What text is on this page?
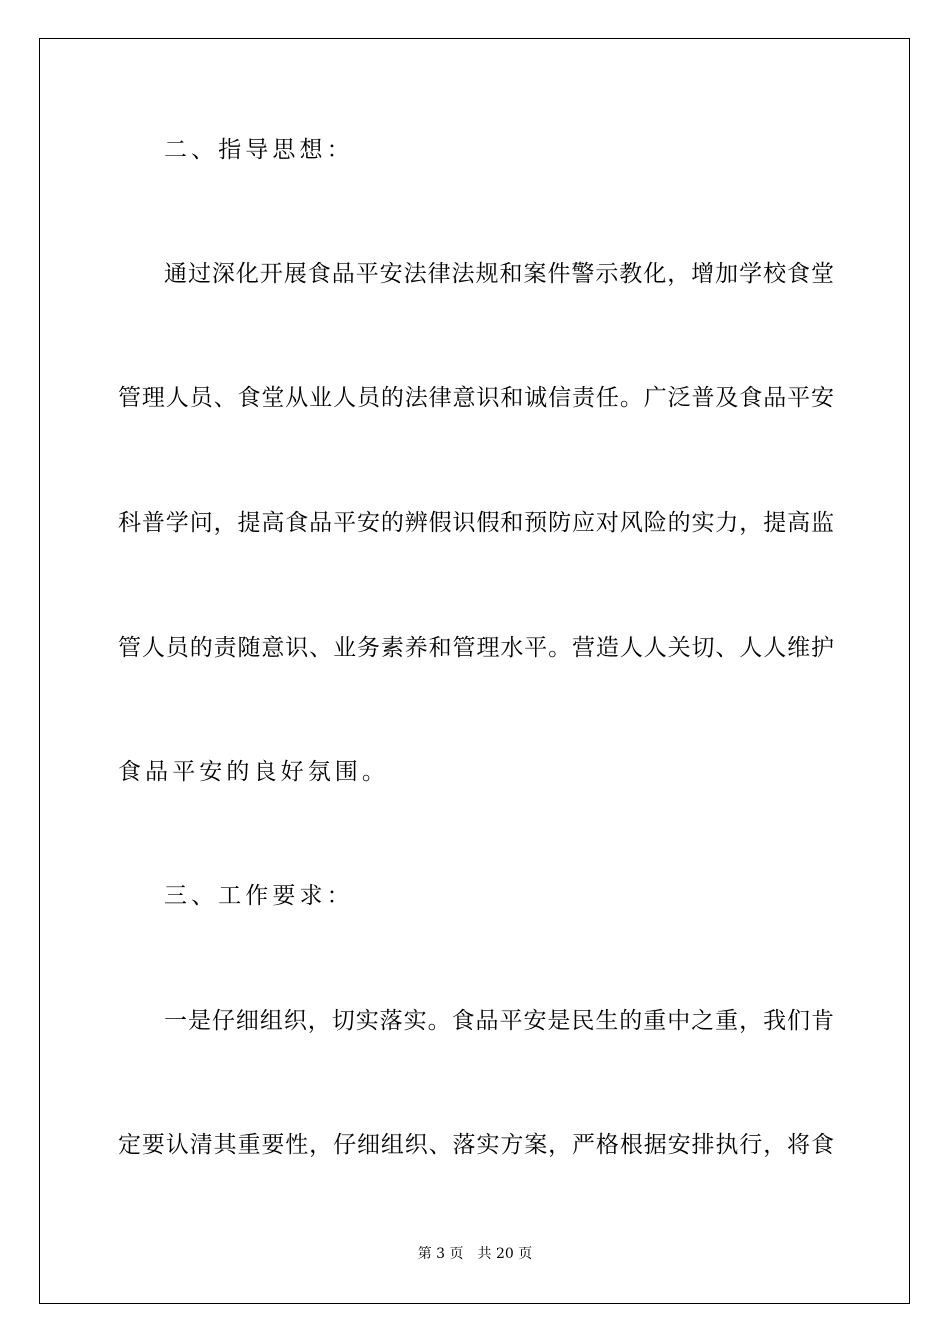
二、指导思想：
通过深化开展食品平安法律法规和案件警示教化，增加学校食堂
管理人员、食堂从业人员的法律意识和诚信责任。广泛普及食品平安
科普学问，提高食品平安的辨假识假和预防应对风险的实力，提高监
管人员的责随意识、业务素养和管理水平。营造人人关切、人人维护
食品平安的良好氛围。
三、工作要求：
一是仔细组织，切实落实。食品平安是民生的重中之重，我们肯
定要认清其重要性，仔细组织、落实方案，严格根据安排执行，将食
第 3 页 共 20 页
